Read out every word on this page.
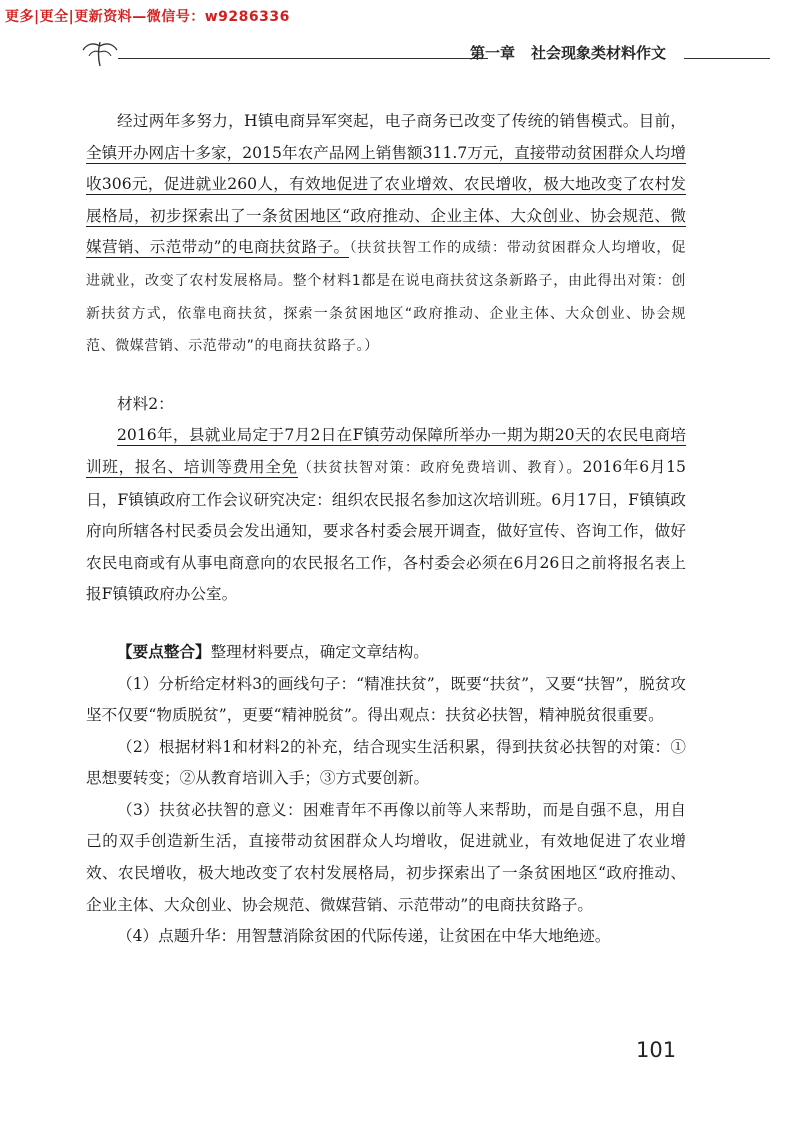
更多|更全|更新资料—微信号：w9286336
第一章 社会现象类材料作文

经过两年多努力，H镇电商异军突起，电子商务已改变了传统的销售模式。目前，全镇开办网店十多家，2015年农产品网上销售额311.7万元，直接带动贫困群众人均增收306元，促进就业260人，有效地促进了农业增效、农民增收，极大地改变了农村发展格局，初步探索出了一条贫困地区“政府推动、企业主体、大众创业、协会规范、微媒营销、示范带动”的电商扶贫路子。（扶贫扶智工作的成绩：带动贫困群众人均增收，促进就业，改变了农村发展格局。整个材料1都是在说电商扶贫这条新路子，由此得出对策：创新扶贫方式，依靠电商扶贫，探索一条贫困地区“政府推动、企业主体、大众创业、协会规范、微媒营销、示范带动”的电商扶贫路子。）

材料2：

2016年，县就业局定于7月2日在F镇劳动保障所举办一期为期20天的农民电商培训班，报名、培训等费用全免（扶贫扶智对策：政府免费培训、教育）。2016年6月15日，F镇镇政府工作会议研究决定：组织农民报名参加这次培训班。6月17日，F镇镇政府向所辖各村民委员会发出通知，要求各村委会展开调查，做好宣传、咨询工作，做好农民电商或有从事电商意向的农民报名工作，各村委会必须在6月26日之前将报名表上报F镇镇政府办公室。

【要点整合】整理材料要点，确定文章结构。

（1）分析给定材料3的画线句子：“精准扶贫”，既要“扶贫”，又要“扶智”，脱贫攻坚不仅要“物质脱贫”，更要“精神脱贫”。得出观点：扶贫必扶智，精神脱贫很重要。

（2）根据材料1和材料2的补充，结合现实生活积累，得到扶贫必扶智的对策：①思想要转变；②从教育培训入手；③方式要创新。

（3）扶贫必扶智的意义：困难青年不再像以前等人来帮助，而是自强不息，用自己的双手创造新生活，直接带动贫困群众人均增收，促进就业，有效地促进了农业增效、农民增收，极大地改变了农村发展格局，初步探索出了一条贫困地区“政府推动、企业主体、大众创业、协会规范、微媒营销、示范带动”的电商扶贫路子。

（4）点题升华：用智慧消除贫困的代际传递，让贫困在中华大地绝迹。

101
